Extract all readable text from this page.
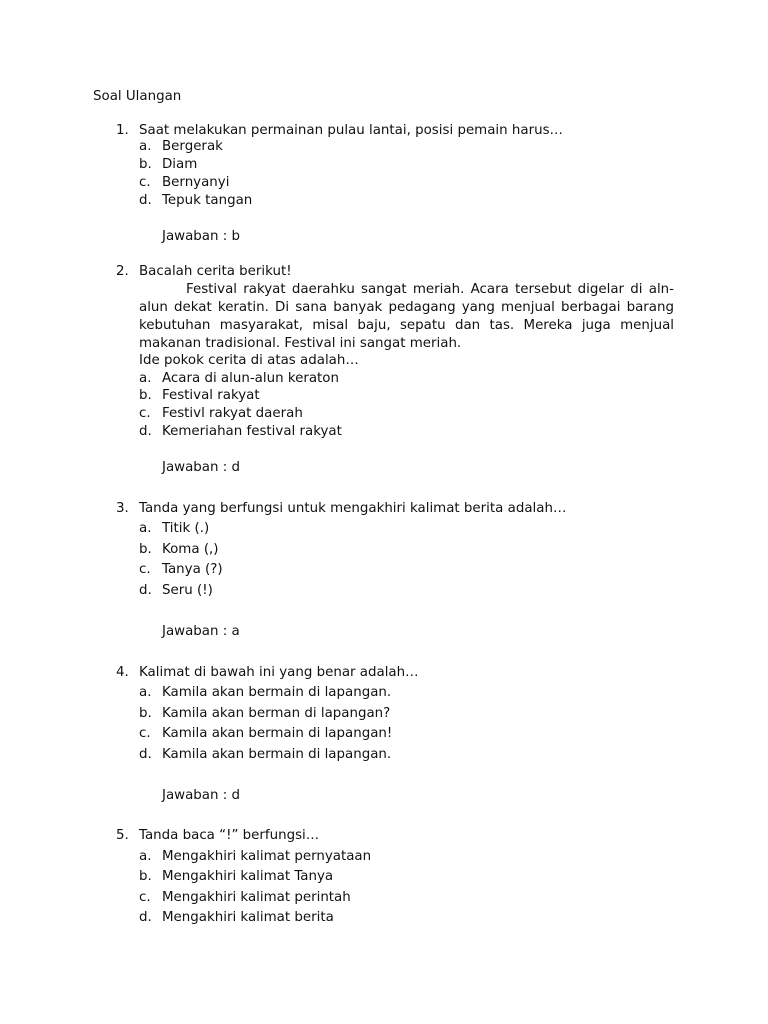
Soal Ulangan
1. Saat melakukan permainan pulau lantai, posisi pemain harus…
a. Bergerak
b. Diam
c. Bernyanyi
d. Tepuk tangan
Jawaban : b
2. Bacalah cerita berikut!
Festival rakyat daerahku sangat meriah. Acara tersebut digelar di aln-alun dekat keratin. Di sana banyak pedagang yang menjual berbagai barang kebutuhan masyarakat, misal baju, sepatu dan tas. Mereka juga menjual makanan tradisional. Festival ini sangat meriah.
Ide pokok cerita di atas adalah…
a. Acara di alun-alun keraton
b. Festival rakyat
c. Festivl rakyat daerah
d. Kemeriahan festival rakyat
Jawaban : d
3. Tanda yang berfungsi untuk mengakhiri kalimat berita adalah…
a. Titik (.)
b. Koma (,)
c. Tanya (?)
d. Seru (!)
Jawaban : a
4. Kalimat di bawah ini yang benar adalah…
a. Kamila akan bermain di lapangan.
b. Kamila akan berman di lapangan?
c. Kamila akan bermain di lapangan!
d. Kamila akan bermain di lapangan.
Jawaban : d
5. Tanda baca “!” berfungsi…
a. Mengakhiri kalimat pernyataan
b. Mengakhiri kalimat Tanya
c. Mengakhiri kalimat perintah
d. Mengakhiri kalimat berita
